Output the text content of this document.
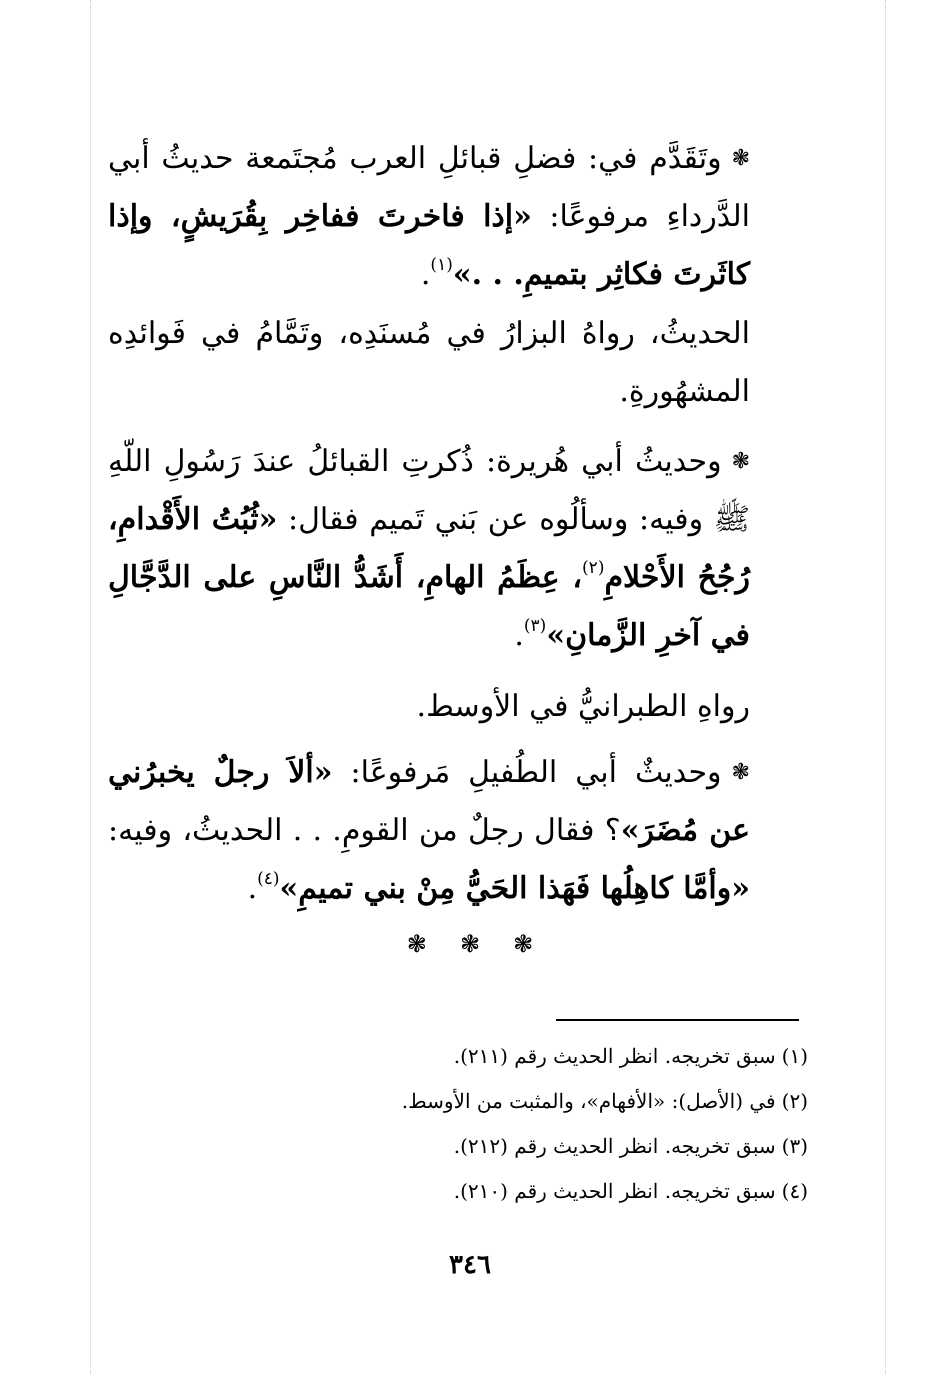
❃وتَقَدَّم في: فضلِ قبائلِ العرب مُجتَمعة حديثُ أبي الدَّرداءِ مرفوعًا: «إذا فاخرتَ ففاخِر بِقُرَيشٍ، وإذا كاثَرتَ فكاثِر بتميمِ. . .»$^{(١)}$.

الحديثُ، رواهُ البزارُ في مُسنَدِه، وتَمَّامُ في فَوائدِه المشهُورةِ.

❃وحديثُ أبي هُريرة: ذُكرتِ القبائلُ عندَ رَسُولِ اللّهِ ﷺ وفيه: وسألُوه عن بَني تَميم فقال: «ثُبُتُ الأَقْدامِ، رُجُحُ الأَحْلامِ$^{(٢)}$، عِظَمُ الهامِ، أَشَدُّ النَّاسِ على الدَّجَّالِ في آخرِ الزَّمانِ»$^{(٣)}$.

رواهِ الطبرانيُّ في الأوسط.

❃وحديثٌ أبي الطُفيلِ مَرفوعًا: «ألاَ رجلٌ يخبرُني عن مُضَرَ»؟ فقال رجلٌ من القومِ. . . الحديثُ، وفيه: «وأمَّا كاهِلُها فَهَذا الحَيُّ مِنْ بني تميمِ»$^{(٤)}$.

❃ ❃ ❃

(١)سبق تخريجه. انظر الحديث رقم (٢١١).

(٢)في (الأصل): «الأفهام»، والمثبت من الأوسط.

(٣)سبق تخريجه. انظر الحديث رقم (٢١٢).

(٤)سبق تخريجه. انظر الحديث رقم (٢١٠).

٣٤٦
